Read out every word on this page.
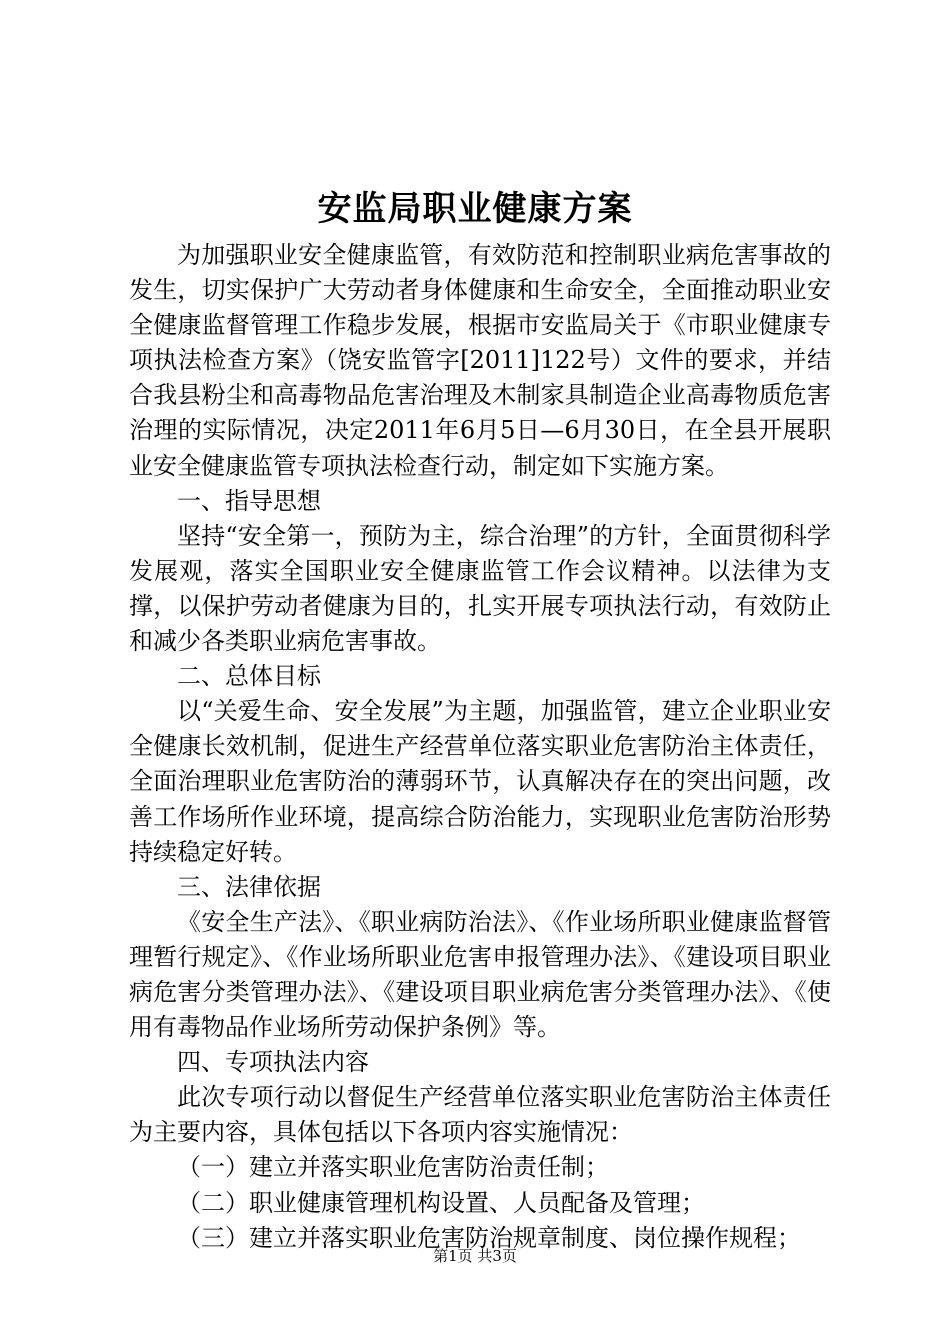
安监局职业健康方案

为加强职业安全健康监管，有效防范和控制职业病危害事故的发生，切实保护广大劳动者身体健康和生命安全，全面推动职业安全健康监督管理工作稳步发展，根据市安监局关于《市职业健康专项执法检查方案》（饶安监管字[2011]122号）文件的要求，并结合我县粉尘和高毒物品危害治理及木制家具制造企业高毒物质危害治理的实际情况，决定2011年6月5日—6月30日，在全县开展职业安全健康监管专项执法检查行动，制定如下实施方案。

一、指导思想

坚持“安全第一，预防为主，综合治理”的方针，全面贯彻科学发展观，落实全国职业安全健康监管工作会议精神。以法律为支撑，以保护劳动者健康为目的，扎实开展专项执法行动，有效防止和减少各类职业病危害事故。

二、总体目标

以“关爱生命、安全发展”为主题，加强监管，建立企业职业安全健康长效机制，促进生产经营单位落实职业危害防治主体责任，全面治理职业危害防治的薄弱环节，认真解决存在的突出问题，改善工作场所作业环境，提高综合防治能力，实现职业危害防治形势持续稳定好转。

三、法律依据

《安全生产法》、《职业病防治法》、《作业场所职业健康监督管理暂行规定》、《作业场所职业危害申报管理办法》、《建设项目职业病危害分类管理办法》、《建设项目职业病危害分类管理办法》、《使用有毒物品作业场所劳动保护条例》等。

四、专项执法内容

此次专项行动以督促生产经营单位落实职业危害防治主体责任为主要内容，具体包括以下各项内容实施情况：

（一）建立并落实职业危害防治责任制；

（二）职业健康管理机构设置、人员配备及管理；

（三）建立并落实职业危害防治规章制度、岗位操作规程；

第1页 共3页
